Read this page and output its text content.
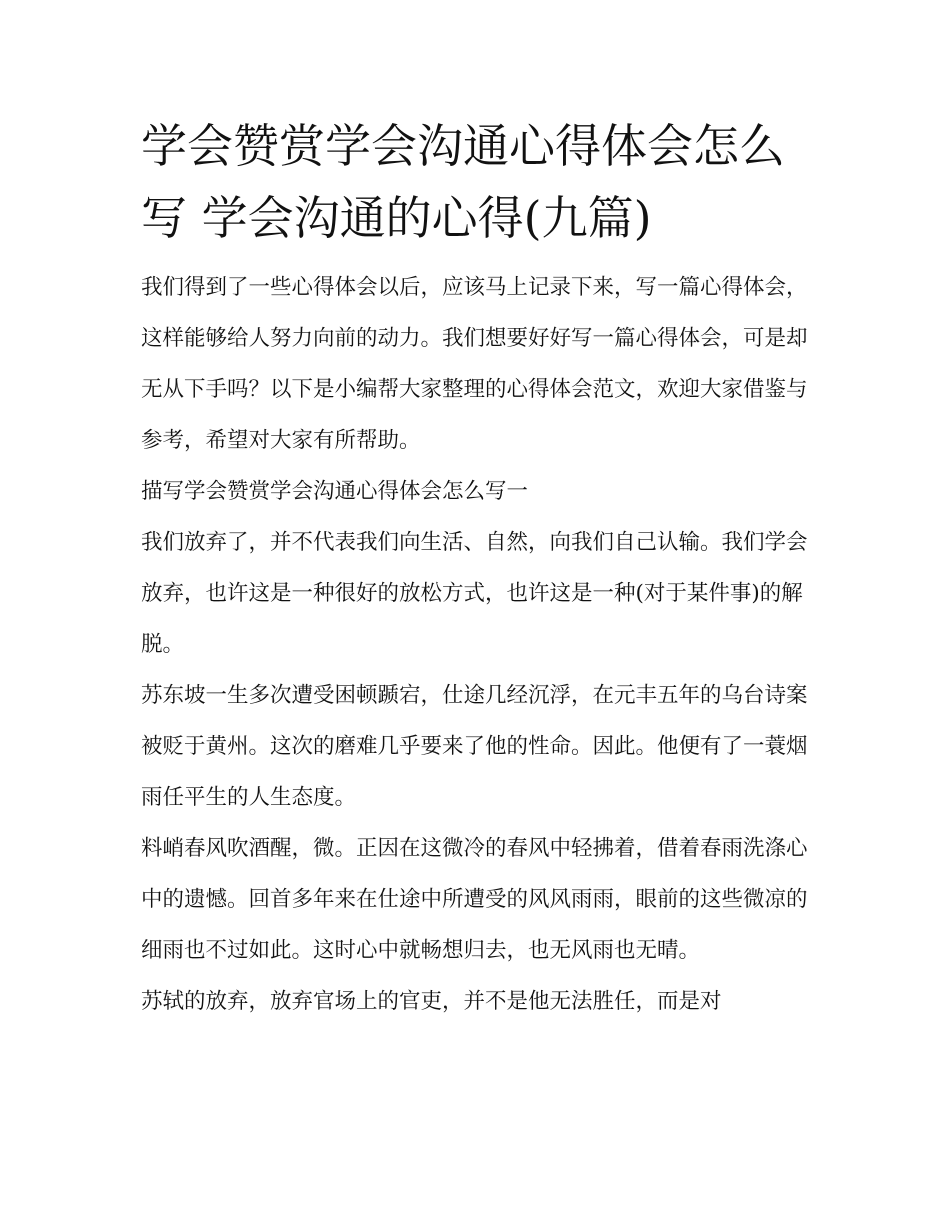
学会赞赏学会沟通心得体会怎么写 学会沟通的心得(九篇)

我们得到了一些心得体会以后，应该马上记录下来，写一篇心得体会，这样能够给人努力向前的动力。我们想要好好写一篇心得体会，可是却无从下手吗？以下是小编帮大家整理的心得体会范文，欢迎大家借鉴与参考，希望对大家有所帮助。

描写学会赞赏学会沟通心得体会怎么写一

我们放弃了，并不代表我们向生活、自然，向我们自己认输。我们学会放弃，也许这是一种很好的放松方式，也许这是一种(对于某件事)的解脱。

苏东坡一生多次遭受困顿踬宕，仕途几经沉浮，在元丰五年的乌台诗案被贬于黄州。这次的磨难几乎要来了他的性命。因此。他便有了一蓑烟雨任平生的人生态度。

料峭春风吹酒醒，微。正因在这微冷的春风中轻拂着，借着春雨洗涤心中的遗憾。回首多年来在仕途中所遭受的风风雨雨，眼前的这些微凉的细雨也不过如此。这时心中就畅想归去，也无风雨也无晴。

苏轼的放弃，放弃官场上的官吏，并不是他无法胜任，而是对
